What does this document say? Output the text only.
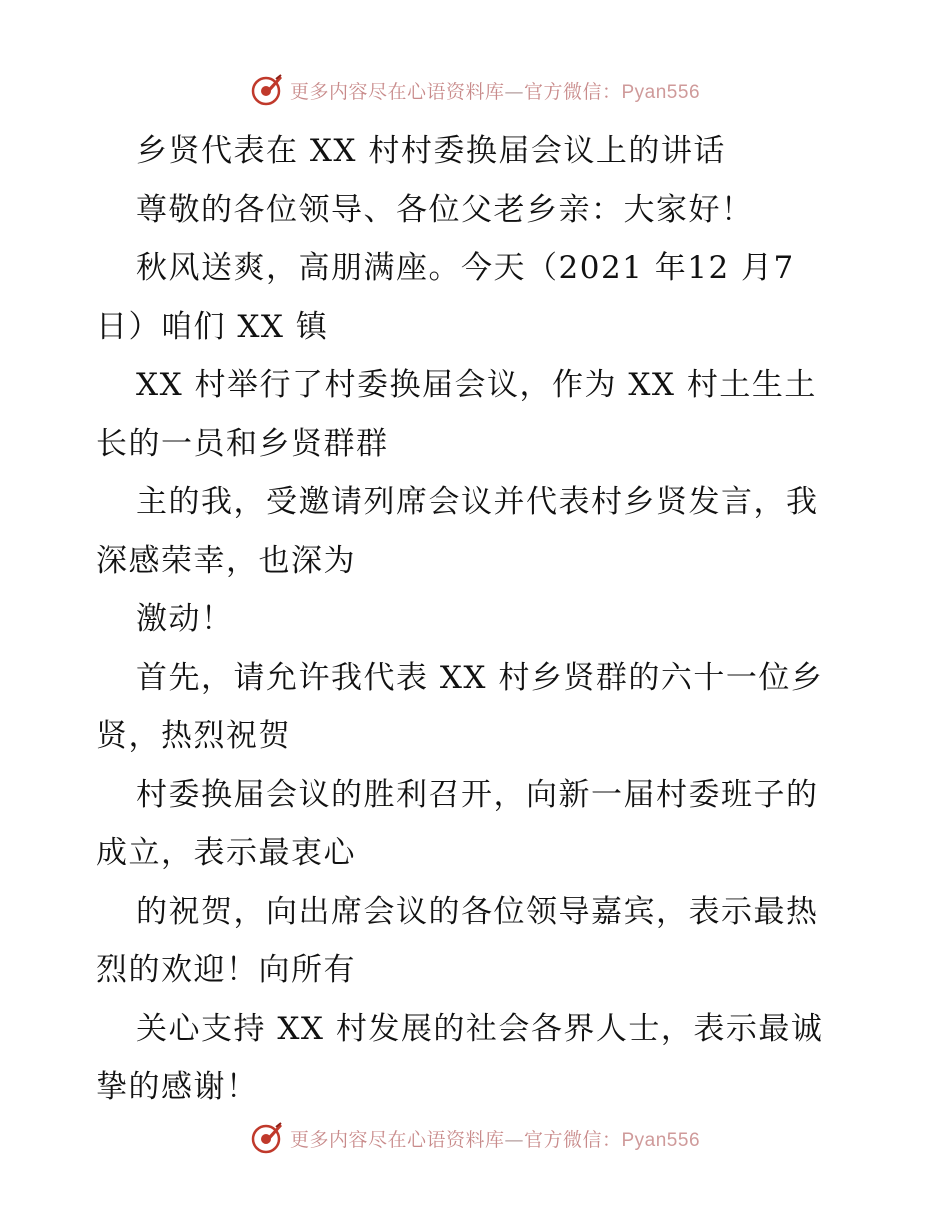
更多内容尽在心语资料库—官方微信：Pyan556
乡贤代表在 XX 村村委换届会议上的讲话
尊敬的各位领导、各位父老乡亲：大家好！
秋风送爽，高朋满座。今天（2021 年12 月7
日）咱们 XX 镇
XX 村举行了村委换届会议，作为 XX 村土生土
长的一员和乡贤群群
主的我，受邀请列席会议并代表村乡贤发言，我
深感荣幸，也深为
激动！
首先，请允许我代表 XX 村乡贤群的六十一位乡
贤，热烈祝贺
村委换届会议的胜利召开，向新一届村委班子的
成立，表示最衷心
的祝贺，向出席会议的各位领导嘉宾，表示最热
烈的欢迎！向所有
关心支持 XX 村发展的社会各界人士，表示最诚
挚的感谢！
更多内容尽在心语资料库—官方微信：Pyan556
